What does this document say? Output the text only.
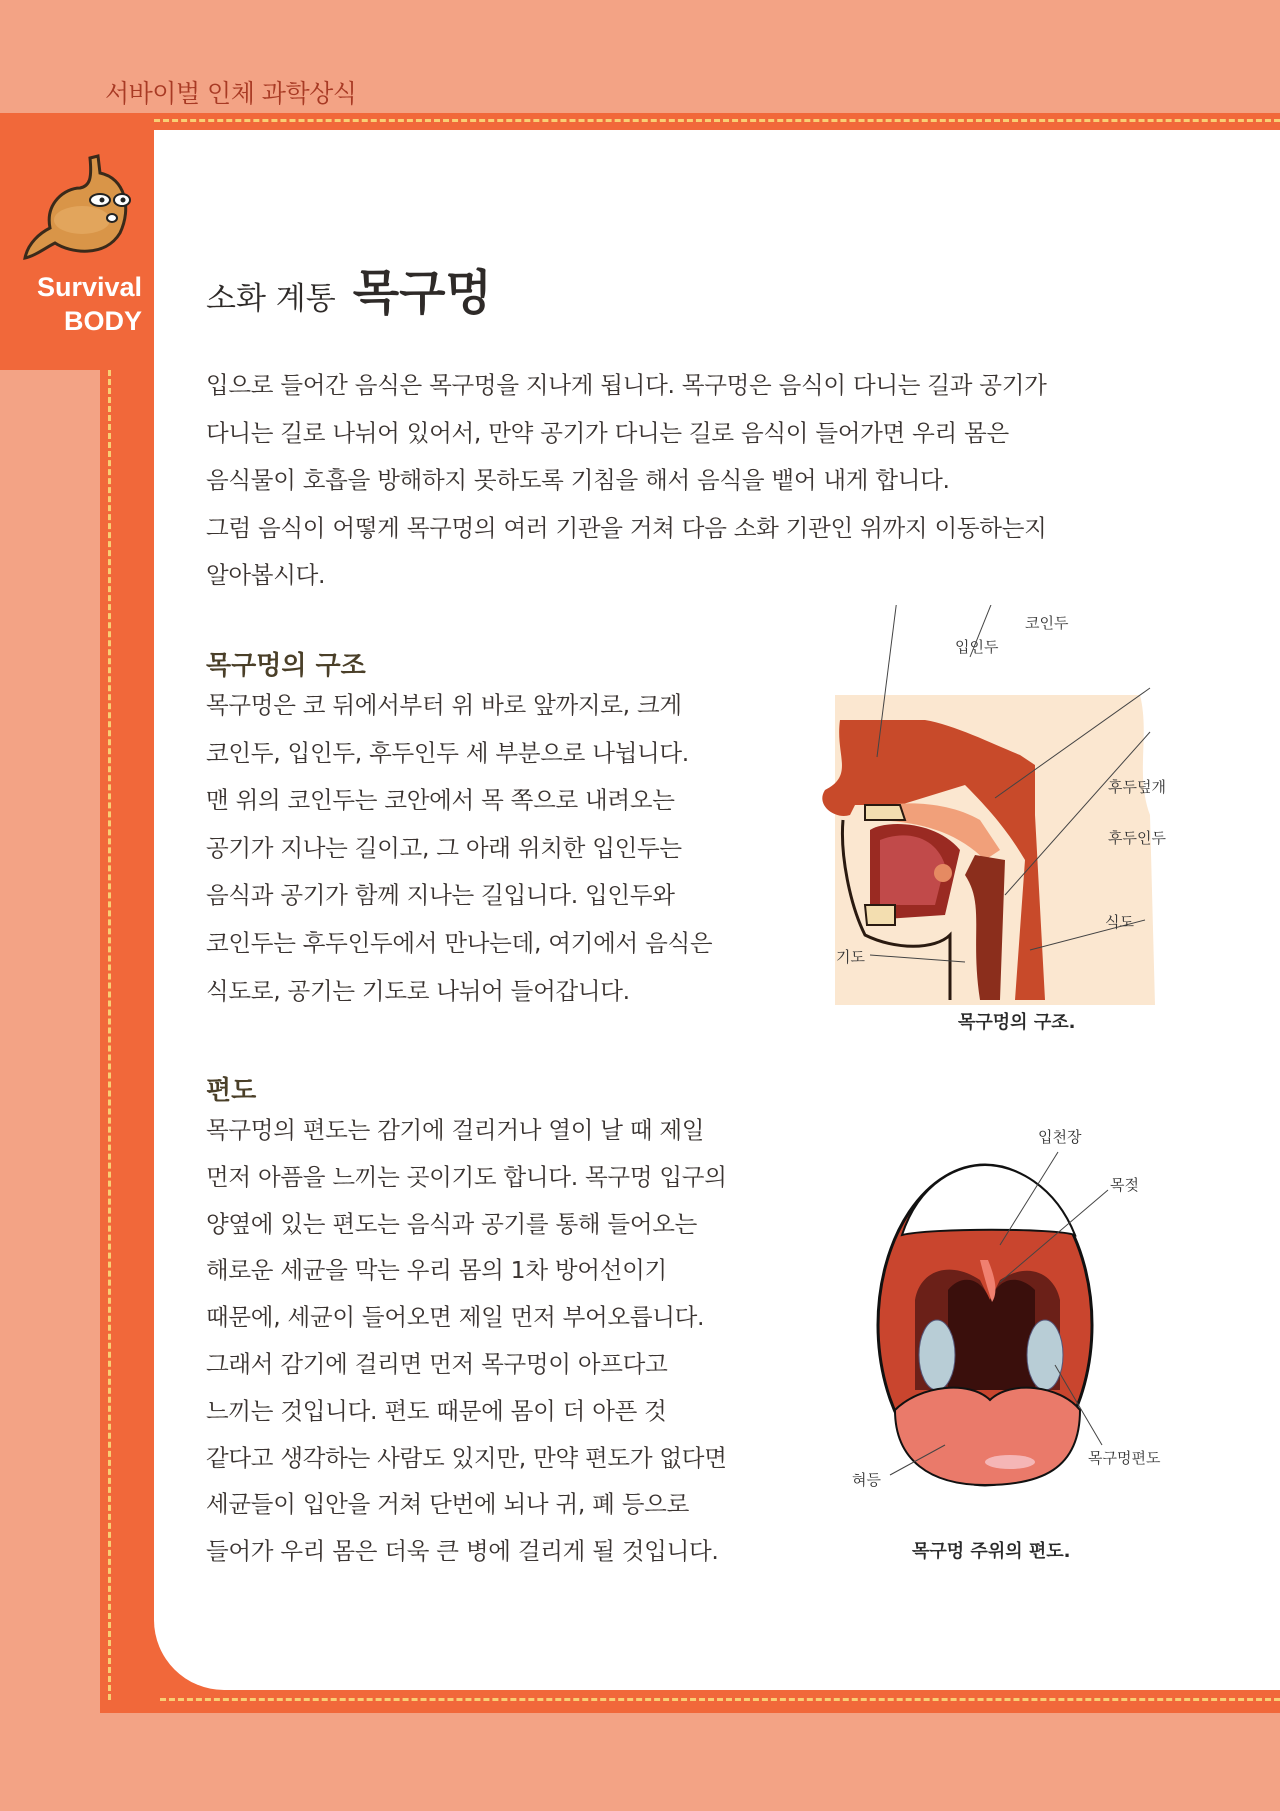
서바이벌 인체 과학상식
Survival
BODY
소화 계통 목구멍
입으로 들어간 음식은 목구멍을 지나게 됩니다. 목구멍은 음식이 다니는 길과 공기가
다니는 길로 나뉘어 있어서, 만약 공기가 다니는 길로 음식이 들어가면 우리 몸은
음식물이 호흡을 방해하지 못하도록 기침을 해서 음식을 뱉어 내게 합니다.
그럼 음식이 어떻게 목구멍의 여러 기관을 거쳐 다음 소화 기관인 위까지 이동하는지
알아봅시다.
목구멍의 구조
목구멍은 코 뒤에서부터 위 바로 앞까지로, 크게
코인두, 입인두, 후두인두 세 부분으로 나뉩니다.
맨 위의 코인두는 코안에서 목 쪽으로 내려오는
공기가 지나는 길이고, 그 아래 위치한 입인두는
음식과 공기가 함께 지나는 길입니다. 입인두와
코인두는 후두인두에서 만나는데, 여기에서 음식은
식도로, 공기는 기도로 나뉘어 들어갑니다.
코인두
입인두
후두덮개
후두인두
식도
기도
목구멍의 구조.
편도
목구멍의 편도는 감기에 걸리거나 열이 날 때 제일
먼저 아픔을 느끼는 곳이기도 합니다. 목구멍 입구의
양옆에 있는 편도는 음식과 공기를 통해 들어오는
해로운 세균을 막는 우리 몸의 1차 방어선이기
때문에, 세균이 들어오면 제일 먼저 부어오릅니다.
그래서 감기에 걸리면 먼저 목구멍이 아프다고
느끼는 것입니다. 편도 때문에 몸이 더 아픈 것
같다고 생각하는 사람도 있지만, 만약 편도가 없다면
세균들이 입안을 거쳐 단번에 뇌나 귀, 폐 등으로
들어가 우리 몸은 더욱 큰 병에 걸리게 될 것입니다.
입천장
목젖
목구멍편도
혀등
목구멍 주위의 편도.
